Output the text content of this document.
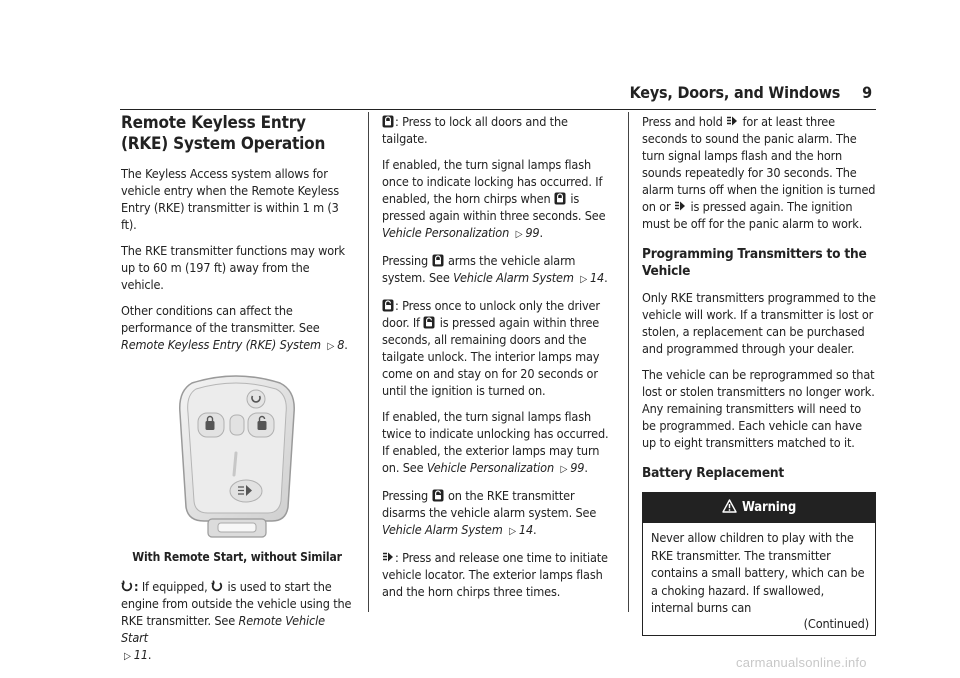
Keys, Doors, and Windows 9
Remote Keyless Entry (RKE) System Operation

The Keyless Access system allows for vehicle entry when the Remote Keyless Entry (RKE) transmitter is within 1 m (3 ft).

The RKE transmitter functions may work up to 60 m (197 ft) away from the vehicle.

Other conditions can affect the performance of the transmitter. See Remote Keyless Entry (RKE) System ▷ 8.

With Remote Start, without Similar

: If equipped,  is used to start the engine from outside the vehicle using the RKE transmitter. See Remote Vehicle Start
▷ 11.

: Press to lock all doors and the tailgate.

If enabled, the turn signal lamps flash once to indicate locking has occurred. If enabled, the horn chirps when  is pressed again within three seconds. See Vehicle Personalization ▷ 99.

Pressing  arms the vehicle alarm system. See Vehicle Alarm System ▷ 14.

: Press once to unlock only the driver door. If  is pressed again within three seconds, all remaining doors and the tailgate unlock. The interior lamps may come on and stay on for 20 seconds or until the ignition is turned on.

If enabled, the turn signal lamps flash twice to indicate unlocking has occurred.
If enabled, the exterior lamps may turn on. See Vehicle Personalization ▷ 99.

Pressing  on the RKE transmitter disarms the vehicle alarm system. See Vehicle Alarm System ▷ 14.

: Press and release one time to initiate vehicle locator. The exterior lamps flash and the horn chirps three times.

Press and hold  for at least three seconds to sound the panic alarm. The turn signal lamps flash and the horn sounds repeatedly for 30 seconds. The alarm turns off when the ignition is turned on or  is pressed again. The ignition must be off for the panic alarm to work.

Programming Transmitters to the Vehicle

Only RKE transmitters programmed to the vehicle will work. If a transmitter is lost or stolen, a replacement can be purchased and programmed through your dealer.

The vehicle can be reprogrammed so that lost or stolen transmitters no longer work. Any remaining transmitters will need to be programmed. Each vehicle can have up to eight transmitters matched to it.

Battery Replacement
Warning
Never allow children to play with the RKE transmitter. The transmitter contains a small battery, which can be a choking hazard. If swallowed, internal burns can
(Continued)
carmanualsonline.info
